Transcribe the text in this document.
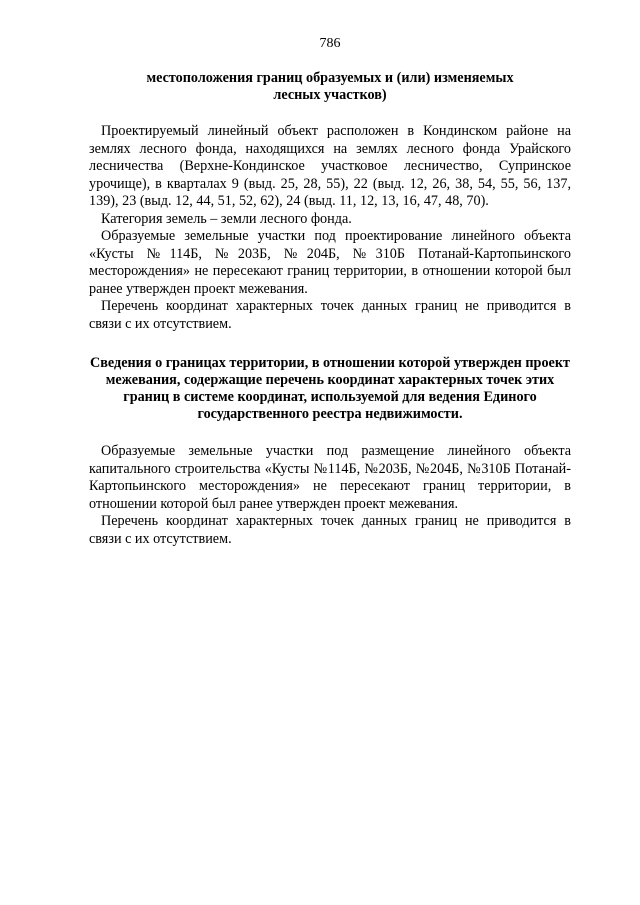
786
местоположения границ образуемых и (или) изменяемых лесных участков)

Проектируемый линейный объект расположен в Кондинском районе на землях лесного фонда, находящихся на землях лесного фонда Урайского лесничества (Верхне-Кондинское участковое лесничество, Супринское урочище), в кварталах 9 (выд. 25, 28, 55), 22 (выд. 12, 26, 38, 54, 55, 56, 137, 139), 23 (выд. 12, 44, 51, 52, 62), 24 (выд. 11, 12, 13, 16, 47, 48, 70).

Категория земель – земли лесного фонда.

Образуемые земельные участки под проектирование линейного объекта «Кусты №114Б, №203Б, №204Б, №310Б Потанай-Картопьинского месторождения» не пересекают границ территории, в отношении которой был ранее утвержден проект межевания.

Перечень координат характерных точек данных границ не приводится в связи с их отсутствием.

Сведения о границах территории, в отношении которой утвержден проект межевания, содержащие перечень координат характерных точек этих границ в системе координат, используемой для ведения Единого государственного реестра недвижимости.

Образуемые земельные участки под размещение линейного объекта капитального строительства «Кусты №114Б, №203Б, №204Б, №310Б Потанай-Картопьинского месторождения» не пересекают границ территории, в отношении которой был ранее утвержден проект межевания.

Перечень координат характерных точек данных границ не приводится в связи с их отсутствием.
